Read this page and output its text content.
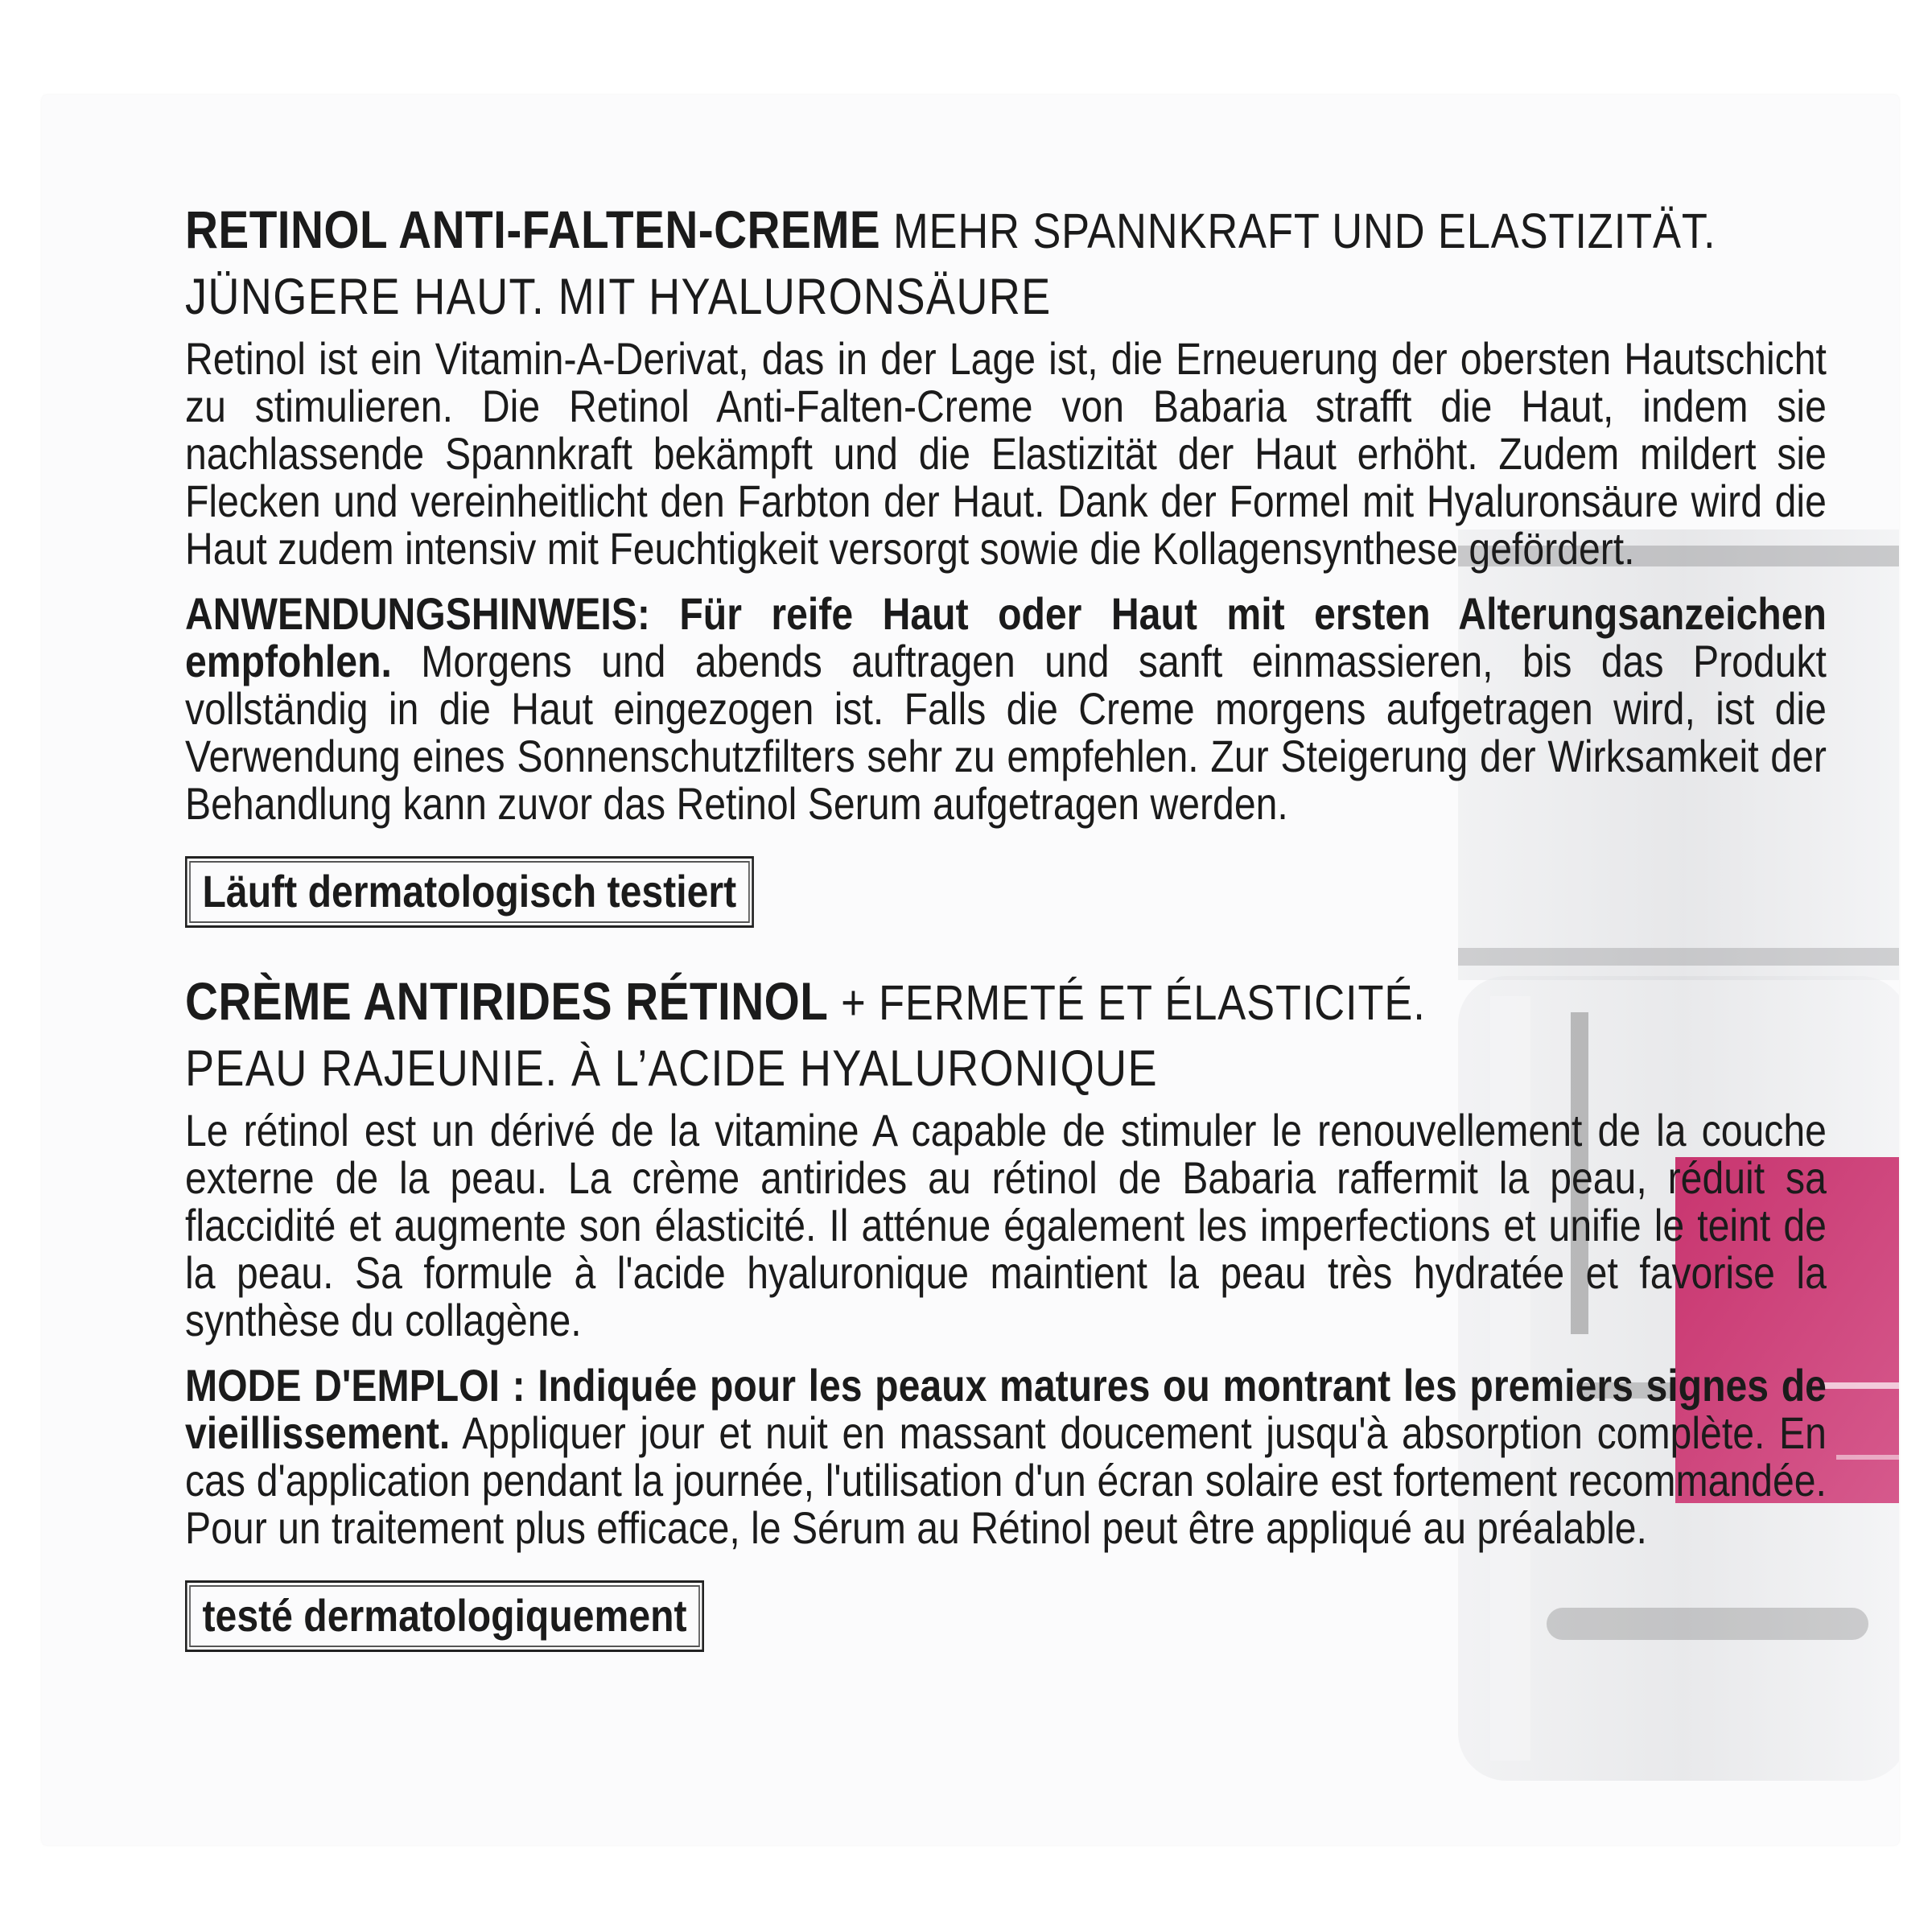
RETINOL ANTI-FALTEN-CREME MEHR SPANNKRAFT UND ELASTIZITÄT.
JÜNGERE HAUT. MIT HYALURONSÄURE

Retinol ist ein Vitamin-A-Derivat, das in der Lage ist, die Erneuerung der obersten Hautschicht zu stimulieren. Die Retinol Anti-Falten-Creme von Babaria strafft die Haut, indem sie nachlassende Spannkraft bekämpft und die Elastizität der Haut erhöht. Zudem mildert sie Flecken und vereinheitlicht den Farbton der Haut. Dank der Formel mit Hyaluronsäure wird die Haut zudem intensiv mit Feuchtigkeit versorgt sowie die Kollagensynthese gefördert.

ANWENDUNGSHINWEIS: Für reife Haut oder Haut mit ersten Alterungsanzeichen empfohlen. Morgens und abends auftragen und sanft einmassieren, bis das Produkt vollständig in die Haut eingezogen ist. Falls die Creme morgens aufgetragen wird, ist die Verwendung eines Sonnenschutzfilters sehr zu empfehlen. Zur Steigerung der Wirksamkeit der Behandlung kann zuvor das Retinol Serum aufgetragen werden.

Läuft dermatologisch testiert
CRÈME ANTIRIDES RÉTINOL + FERMETÉ ET ÉLASTICITÉ.
PEAU RAJEUNIE. À L’ACIDE HYALURONIQUE

Le rétinol est un dérivé de la vitamine A capable de stimuler le renouvellement de la couche externe de la peau. La crème antirides au rétinol de Babaria raffermit la peau, réduit sa flaccidité et augmente son élasticité. Il atténue également les imperfections et unifie le teint de la peau. Sa formule à l'acide hyaluronique maintient la peau très hydratée et favorise la synthèse du collagène.

MODE D'EMPLOI : Indiquée pour les peaux matures ou montrant les premiers signes de vieillissement. Appliquer jour et nuit en massant doucement jusqu'à absorption complète. En cas d'application pendant la journée, l'utilisation d'un écran solaire est fortement recommandée. Pour un traitement plus efficace, le Sérum au Rétinol peut être appliqué au préalable.

testé dermatologiquement
